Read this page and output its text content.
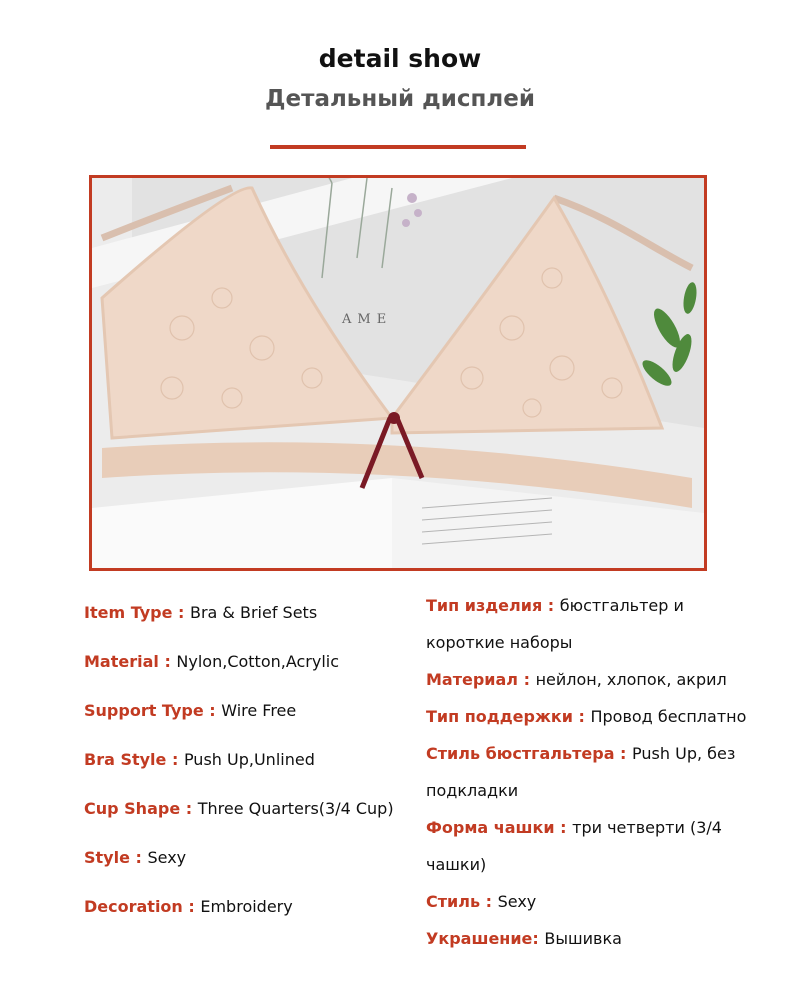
detail show
Детальный дисплей
AME
Item Type : Bra & Brief Sets
Material : Nylon,Cotton,Acrylic
Support Type : Wire Free
Bra Style : Push Up,Unlined
Cup Shape : Three Quarters(3/4 Cup)
Style : Sexy
Decoration : Embroidery
Тип изделия : бюстгальтер и
короткие наборы
Материал : нейлон, хлопок, акрил
Тип поддержки : Провод бесплатно
Стиль бюстгальтера : Push Up, без
подкладки
Форма чашки : три четверти (3/4
чашки)
Стиль : Sexy
Украшение: Вышивка
